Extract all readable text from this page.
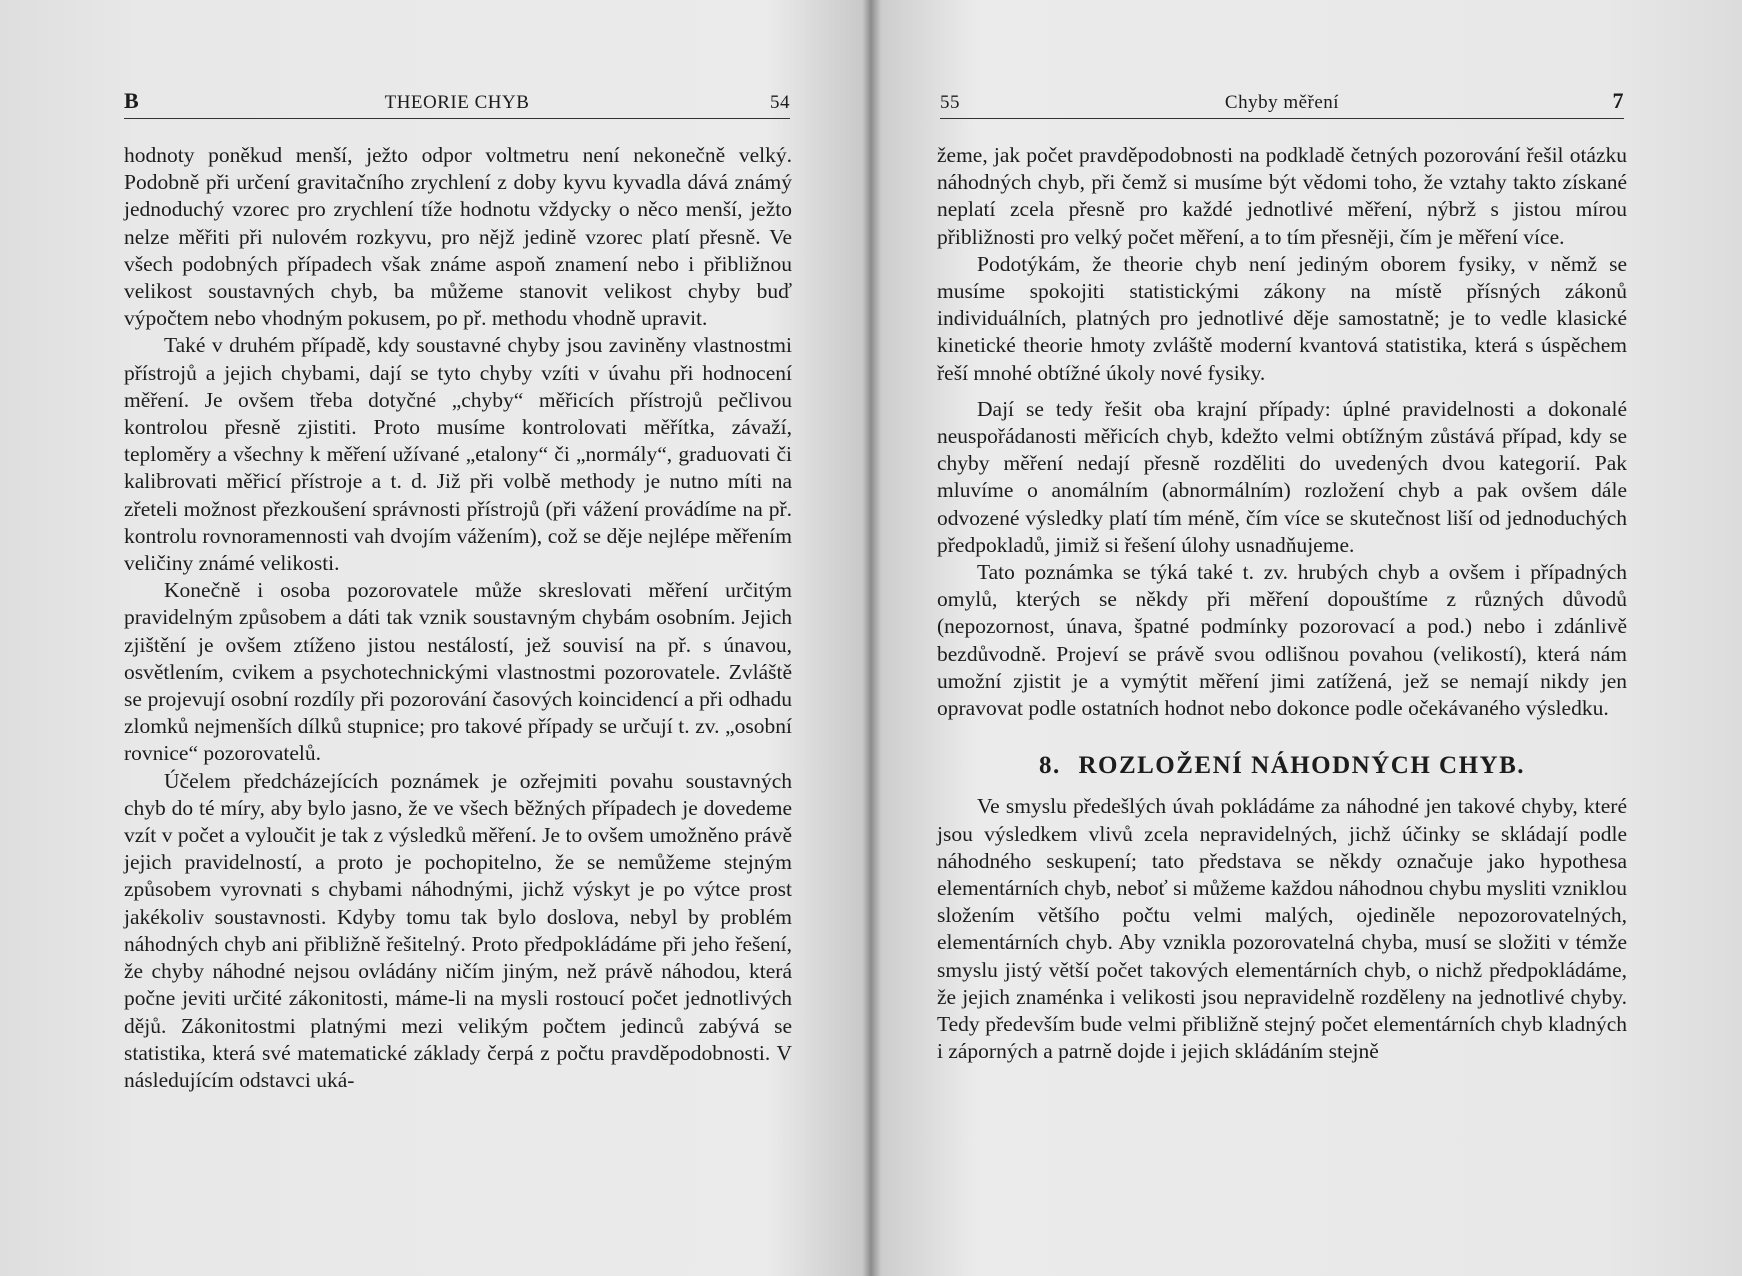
B	THEORIE CHYB	54

hodnoty poněkud menší, ježto odpor voltmetru není nekonečně velký. Podobně při určení gravitačního zrychlení z doby kyvu kyvadla dává známý jednoduchý vzorec pro zrychlení tíže hodnotu vždycky o něco menší, ježto nelze měřiti při nulovém rozkyvu, pro nějž jedině vzorec platí přesně. Ve všech podobných případech však známe aspoň znamení nebo i přibližnou velikost soustavných chyb, ba můžeme stanovit velikost chyby buď výpočtem nebo vhodným pokusem, po př. methodu vhodně upravit.

Také v druhém případě, kdy soustavné chyby jsou zaviněny vlastnostmi přístrojů a jejich chybami, dají se tyto chyby vzíti v úvahu při hodnocení měření. Je ovšem třeba dotyčné „chyby“ měřicích přístrojů pečlivou kontrolou přesně zjistiti. Proto musíme kontrolovati měřítka, závaží, teploměry a všechny k měření užívané „etalony“ či „normály“, graduovati či kalibrovati měřicí přístroje a t. d. Již při volbě methody je nutno míti na zřeteli možnost přezkoušení správnosti přístrojů (při vážení provádíme na př. kontrolu rovnoramennosti vah dvojím vážením), což se děje nejlépe měřením veličiny známé velikosti.

Konečně i osoba pozorovatele může skreslovati měření určitým pravidelným způsobem a dáti tak vznik soustavným chybám osobním. Jejich zjištění je ovšem ztíženo jistou nestálostí, jež souvisí na př. s únavou, osvětlením, cvikem a psychotechnickými vlastnostmi pozorovatele. Zvláště se projevují osobní rozdíly při pozorování časových koincidencí a při odhadu zlomků nejmenších dílků stupnice; pro takové případy se určují t. zv. „osobní rovnice“ pozorovatelů.

Účelem předcházejících poznámek je ozřejmiti povahu soustavných chyb do té míry, aby bylo jasno, že ve všech běžných případech je dovedeme vzít v počet a vyloučit je tak z výsledků měření. Je to ovšem umožněno právě jejich pravidelností, a proto je pochopitelno, že se nemůžeme stejným způsobem vyrovnati s chybami náhodnými, jichž výskyt je po výtce prost jakékoliv soustavnosti. Kdyby tomu tak bylo doslova, nebyl by problém náhodných chyb ani přibližně řešitelný. Proto předpokládáme při jeho řešení, že chyby náhodné nejsou ovládány ničím jiným, než právě náhodou, která počne jeviti určité zákonitosti, máme-li na mysli rostoucí počet jednotlivých dějů. Zákonitostmi platnými mezi velikým počtem jedinců zabývá se statistika, která své matematické základy čerpá z počtu pravděpodobnosti. V následujícím odstavci uká-

55	Chyby měření	7

žeme, jak počet pravděpodobnosti na podkladě četných pozorování řešil otázku náhodných chyb, při čemž si musíme být vědomi toho, že vztahy takto získané neplatí zcela přesně pro každé jednotlivé měření, nýbrž s jistou mírou přibližnosti pro velký počet měření, a to tím přesněji, čím je měření více.

Podotýkám, že theorie chyb není jediným oborem fysiky, v němž se musíme spokojiti statistickými zákony na místě přísných zákonů individuálních, platných pro jednotlivé děje samostatně; je to vedle klasické kinetické theorie hmoty zvláště moderní kvantová statistika, která s úspěchem řeší mnohé obtížné úkoly nové fysiky.

Dají se tedy řešit oba krajní případy: úplné pravidelnosti a dokonalé neuspořádanosti měřicích chyb, kdežto velmi obtížným zůstává případ, kdy se chyby měření nedají přesně rozděliti do uvedených dvou kategorií. Pak mluvíme o anomálním (abnormálním) rozložení chyb a pak ovšem dále odvozené výsledky platí tím méně, čím více se skutečnost liší od jednoduchých předpokladů, jimiž si řešení úlohy usnadňujeme.

Tato poznámka se týká také t. zv. hrubých chyb a ovšem i případných omylů, kterých se někdy při měření dopouštíme z různých důvodů (nepozornost, únava, špatné podmínky pozorovací a pod.) nebo i zdánlivě bezdůvodně. Projeví se právě svou odlišnou povahou (velikostí), která nám umožní zjistit je a vymýtit měření jimi zatížená, jež se nemají nikdy jen opravovat podle ostatních hodnot nebo dokonce podle očekávaného výsledku.

8. ROZLOŽENÍ NÁHODNÝCH CHYB.

Ve smyslu předešlých úvah pokládáme za náhodné jen takové chyby, které jsou výsledkem vlivů zcela nepravidelných, jichž účinky se skládají podle náhodného seskupení; tato představa se někdy označuje jako hypothesa elementárních chyb, neboť si můžeme každou náhodnou chybu mysliti vzniklou složením většího počtu velmi malých, ojediněle nepozorovatelných, elementárních chyb. Aby vznikla pozorovatelná chyba, musí se složiti v témže smyslu jistý větší počet takových elementárních chyb, o nichž předpokládáme, že jejich znaménka i velikosti jsou nepravidelně rozděleny na jednotlivé chyby. Tedy především bude velmi přibližně stejný počet elementárních chyb kladných i záporných a patrně dojde i jejich skládáním stejně
